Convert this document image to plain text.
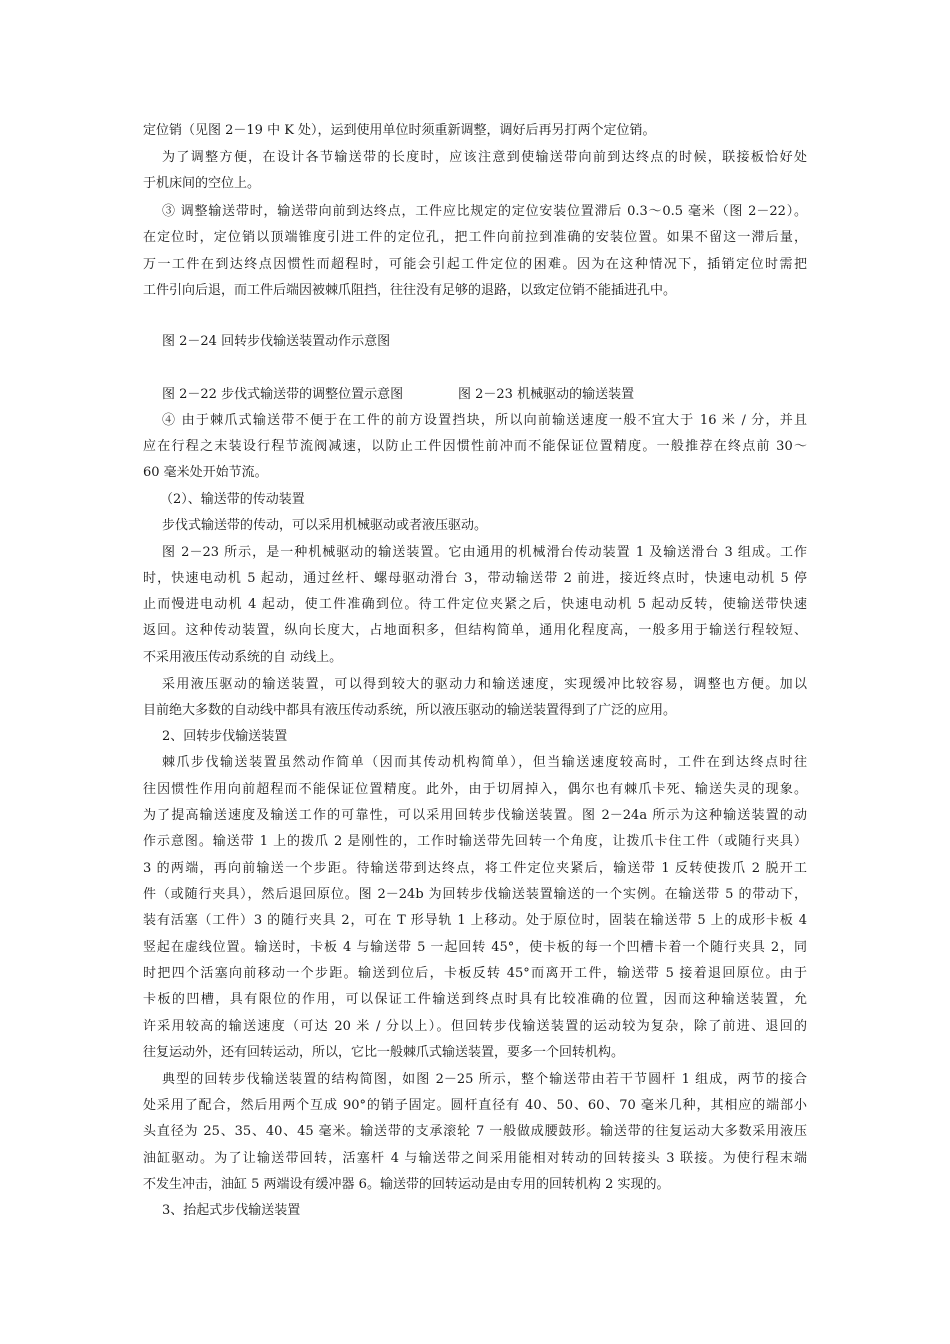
定位销（见图 2－19 中 K 处），运到使用单位时须重新调整，调好后再另打两个定位销。
为了调整方便，在设计各节输送带的长度时，应该注意到使输送带向前到达终点的时候，联接板恰好处
于机床间的空位上。
③ 调整输送带时，输送带向前到达终点，工件应比规定的定位安装位置滞后 0.3～0.5 毫米（图 2－22）。
在定位时，定位销以顶端锥度引进工件的定位孔，把工件向前拉到准确的安装位置。如果不留这一滞后量，
万一工件在到达终点因惯性而超程时，可能会引起工件定位的困难。因为在这种情况下，插销定位时需把
工件引向后退，而工件后端因被棘爪阻挡，往往没有足够的退路，以致定位销不能插进孔中。
图 2－24 回转步伐输送装置动作示意图
图 2－22 步伐式输送带的调整位置示意图	图 2－23 机械驱动的输送装置
④ 由于棘爪式输送带不便于在工件的前方设置挡块，所以向前输送速度一般不宜大于 16 米 / 分，并且
应在行程之末装设行程节流阀减速，以防止工件因惯性前冲而不能保证位置精度。一般推荐在终点前 30～
60 毫米处开始节流。
（2）、输送带的传动装置
步伐式输送带的传动，可以采用机械驱动或者液压驱动。
图 2－23 所示，是一种机械驱动的输送装置。它由通用的机械滑台传动装置 1 及输送滑台 3 组成。工作
时，快速电动机 5 起动，通过丝杆、螺母驱动滑台 3，带动输送带 2 前进，接近终点时，快速电动机 5 停
止而慢进电动机 4 起动，使工件准确到位。待工件定位夹紧之后，快速电动机 5 起动反转，使输送带快速
返回。这种传动装置，纵向长度大，占地面积多，但结构简单，通用化程度高，一般多用于输送行程较短、
不采用液压传动系统的自 动线上。
采用液压驱动的输送装置，可以得到较大的驱动力和输送速度，实现缓冲比较容易，调整也方便。加以
目前绝大多数的自动线中都具有液压传动系统，所以液压驱动的输送装置得到了广泛的应用。
2、回转步伐输送装置
棘爪步伐输送装置虽然动作简单（因而其传动机构简单），但当输送速度较高时，工件在到达终点时往
往因惯性作用向前超程而不能保证位置精度。此外，由于切屑掉入，偶尔也有棘爪卡死、输送失灵的现象。
为了提高输送速度及输送工作的可靠性，可以采用回转步伐输送装置。图 2－24a 所示为这种输送装置的动
作示意图。输送带 1 上的拨爪 2 是刚性的，工作时输送带先回转一个角度，让拨爪卡住工件（或随行夹具）
3 的两端，再向前输送一个步距。待输送带到达终点，将工件定位夹紧后，输送带 1 反转使拨爪 2 脱开工
件（或随行夹具），然后退回原位。图 2－24b 为回转步伐输送装置输送的一个实例。在输送带 5 的带动下，
装有活塞（工件）3 的随行夹具 2，可在 T 形导轨 1 上移动。处于原位时，固装在输送带 5 上的成形卡板 4
竖起在虚线位置。输送时，卡板 4 与输送带 5 一起回转 45°，使卡板的每一个凹槽卡着一个随行夹具 2，同
时把四个活塞向前移动一个步距。输送到位后，卡板反转 45°而离开工件，输送带 5 接着退回原位。由于
卡板的凹槽，具有限位的作用，可以保证工件输送到终点时具有比较准确的位置，因而这种输送装置，允
许采用较高的输送速度（可达 20 米 / 分以上）。但回转步伐输送装置的运动较为复杂，除了前进、退回的
往复运动外，还有回转运动，所以，它比一般棘爪式输送装置，要多一个回转机构。
典型的回转步伐输送装置的结构简图，如图 2－25 所示，整个输送带由若干节圆杆 1 组成，两节的接合
处采用了配合，然后用两个互成 90°的销子固定。圆杆直径有 40、50、60、70 毫米几种，其相应的端部小
头直径为 25、35、40、45 毫米。输送带的支承滚轮 7 一般做成腰鼓形。输送带的往复运动大多数采用液压
油缸驱动。为了让输送带回转，活塞杆 4 与输送带之间采用能相对转动的回转接头 3 联接。为使行程末端
不发生冲击，油缸 5 两端设有缓冲器 6。输送带的回转运动是由专用的回转机构 2 实现的。
3、抬起式步伐输送装置
